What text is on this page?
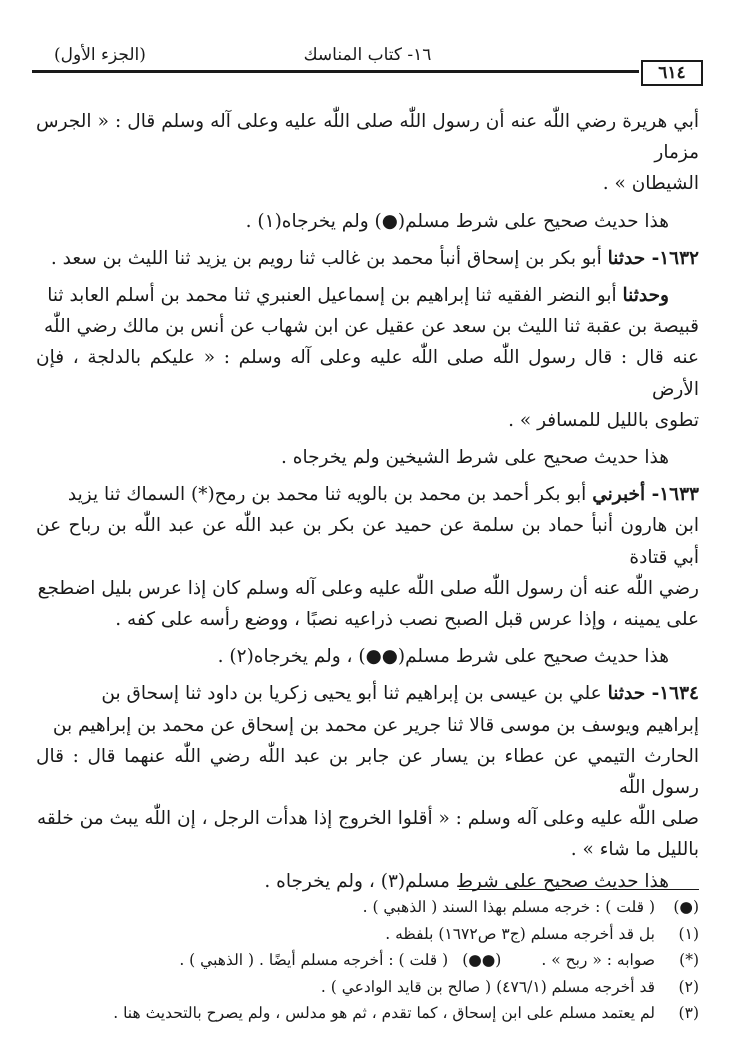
١٦- كتاب المناسك
(الجزء الأول)
٦١٤

أبي هريرة رضي اللّٰه عنه أن رسول اللّٰه صلى اللّٰه عليه وعلى آله وسلم قال : « الجرس مزمار

الشيطان » .

هذا حديث صحيح على شرط مسلم(●) ولم يخرجاه(١) .

١٦٣٢- حدثنا أبو بكر بن إسحاق أنبأ محمد بن غالب ثنا رويم بن يزيد ثنا الليث بن سعد .

وحدثنا أبو النضر الفقيه ثنا إبراهيم بن إسماعيل العنبري ثنا محمد بن أسلم العابد ثنا

قبيصة بن عقبة ثنا الليث بن سعد عن عقيل عن ابن شهاب عن أنس بن مالك رضي اللّٰه

عنه قال : قال رسول اللّٰه صلى اللّٰه عليه وعلى آله وسلم : « عليكم بالدلجة ، فإن الأرض

تطوى بالليل للمسافر » .

هذا حديث صحيح على شرط الشيخين ولم يخرجاه .

١٦٣٣- أخبرني أبو بكر أحمد بن محمد بن بالويه ثنا محمد بن رمح(*) السماك ثنا يزيد

ابن هارون أنبأ حماد بن سلمة عن حميد عن بكر بن عبد اللّٰه عن عبد اللّٰه بن رباح عن أبي قتادة

رضي اللّٰه عنه أن رسول اللّٰه صلى اللّٰه عليه وعلى آله وسلم كان إذا عرس بليل اضطجع

على يمينه ، وإذا عرس قبل الصبح نصب ذراعيه نصبًا ، ووضع رأسه على كفه .

هذا حديث صحيح على شرط مسلم(●●) ، ولم يخرجاه(٢) .

١٦٣٤- حدثنا علي بن عيسى بن إبراهيم ثنا أبو يحيى زكريا بن داود ثنا إسحاق بن

إبراهيم ويوسف بن موسى قالا ثنا جرير عن محمد بن إسحاق عن محمد بن إبراهيم بن

الحارث التيمي عن عطاء بن يسار عن جابر بن عبد اللّٰه رضي اللّٰه عنهما قال : قال رسول اللّٰه

صلى اللّٰه عليه وعلى آله وسلم : « أقلوا الخروج إذا هدأت الرجل ، إن اللّٰه يبث من خلقه

بالليل ما شاء » .

هذا حديث صحيح على شرط مسلم(٣) ، ولم يخرجاه .

(●)
( قلت ) : خرجه مسلم بهذا السند ( الذهبي ) .
(١)
بل قد أخرجه مسلم (ج٣ ص١٦٧٢) بلفظه .
(*)
صوابه : « ربح » .
(●●)
( قلت ) : أخرجه مسلم أيضًا . ( الذهبي ) .
(٢)
قد أخرجه مسلم (٤٧٦/١) ( صالح بن قايد الوادعي ) .
(٣)
لم يعتمد مسلم على ابن إسحاق ، كما تقدم ، ثم هو مدلس ، ولم يصرح بالتحديث هنا .
